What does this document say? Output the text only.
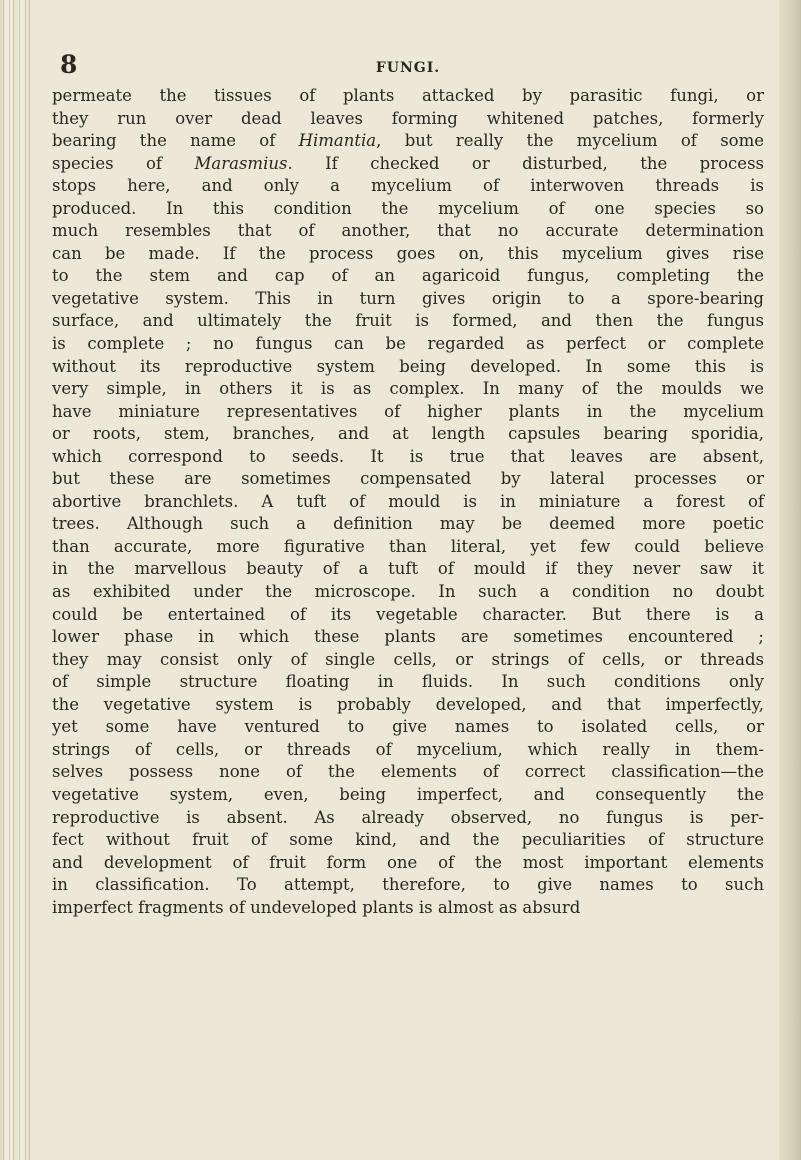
8	FUNGI.
permeate the tissues of plants attacked by parasitic fungi, or
they run over dead leaves forming whitened patches, formerly
bearing the name of Himantia, but really the mycelium of some
species of Marasmius. If checked or disturbed, the process
stops here, and only a mycelium of interwoven threads is
produced. In this condition the mycelium of one species so
much resembles that of another, that no accurate determination
can be made. If the process goes on, this mycelium gives rise
to the stem and cap of an agaricoid fungus, completing the
vegetative system. This in turn gives origin to a spore-bearing
surface, and ultimately the fruit is formed, and then the fungus
is complete ; no fungus can be regarded as perfect or complete
without its reproductive system being developed. In some this is
very simple, in others it is as complex. In many of the moulds we
have miniature representatives of higher plants in the mycelium
or roots, stem, branches, and at length capsules bearing sporidia,
which correspond to seeds. It is true that leaves are absent,
but these are sometimes compensated by lateral processes or
abortive branchlets. A tuft of mould is in miniature a forest of
trees. Although such a definition may be deemed more poetic
than accurate, more figurative than literal, yet few could believe
in the marvellous beauty of a tuft of mould if they never saw it
as exhibited under the microscope. In such a condition no doubt
could be entertained of its vegetable character. But there is a
lower phase in which these plants are sometimes encountered ;
they may consist only of single cells, or strings of cells, or threads
of simple structure floating in fluids. In such conditions only
the vegetative system is probably developed, and that imperfectly,
yet some have ventured to give names to isolated cells, or
strings of cells, or threads of mycelium, which really in them-
selves possess none of the elements of correct classification—the
vegetative system, even, being imperfect, and consequently the
reproductive is absent. As already observed, no fungus is per-
fect without fruit of some kind, and the peculiarities of structure
and development of fruit form one of the most important elements
in classification. To attempt, therefore, to give names to such
imperfect fragments of undeveloped plants is almost as absurd
